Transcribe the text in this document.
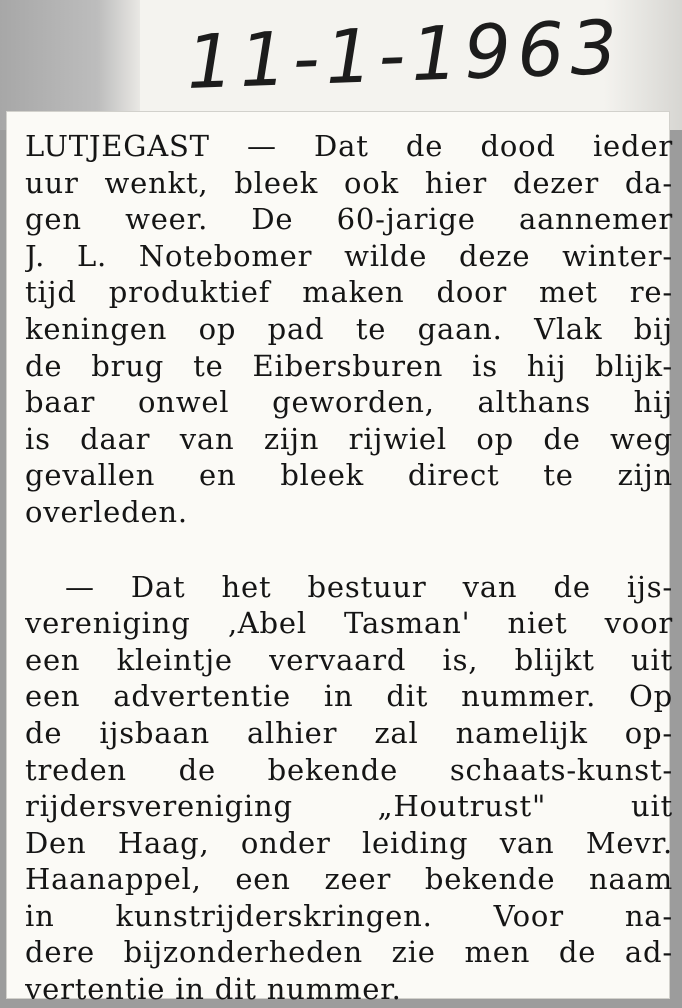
11-1-1963
LUTJEGAST — Dat de dood ieder
uur wenkt, bleek ook hier dezer da-
gen weer. De 60-jarige aannemer
J. L. Notebomer wilde deze winter-
tijd produktief maken door met re-
keningen op pad te gaan. Vlak bij
de brug te Eibersburen is hij blijk-
baar onwel geworden, althans hij
is daar van zijn rijwiel op de weg
gevallen en bleek direct te zijn
overleden.
— Dat het bestuur van de ijs-
vereniging ‚Abel Tasman' niet voor
een kleintje vervaard is, blijkt uit
een advertentie in dit nummer. Op
de ijsbaan alhier zal namelijk op-
treden de bekende schaats-kunst-
rijdersvereniging „Houtrust" uit
Den Haag, onder leiding van Mevr.
Haanappel, een zeer bekende naam
in kunstrijderskringen. Voor na-
dere bijzonderheden zie men de ad-
vertentie in dit nummer.
